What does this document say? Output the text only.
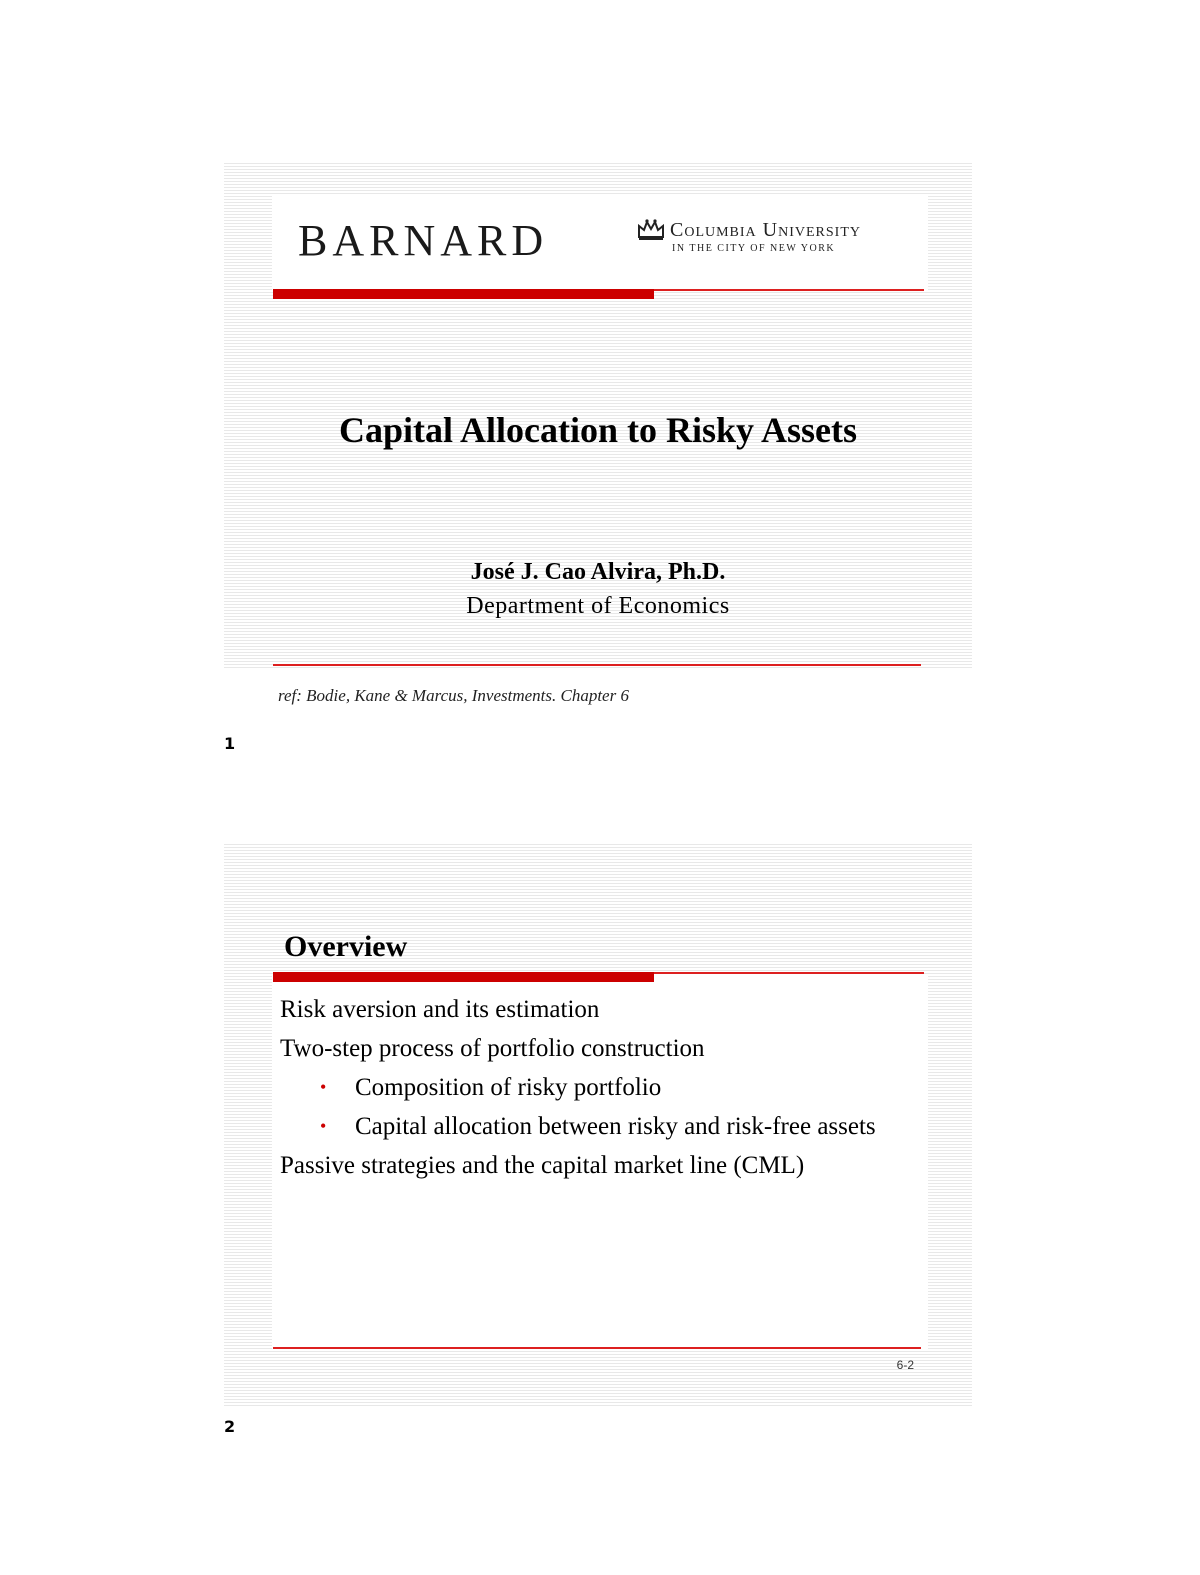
BARNARD	Columbia University
IN THE CITY OF NEW YORK
Capital Allocation to Risky Assets
José J. Cao Alvira, Ph.D.
Department of Economics
ref: Bodie, Kane & Marcus, Investments. Chapter 6
1
Overview
Risk aversion and its estimation
Two-step process of portfolio construction
• Composition of risky portfolio
• Capital allocation between risky and risk-free assets
Passive strategies and the capital market line (CML)
6-2
2
